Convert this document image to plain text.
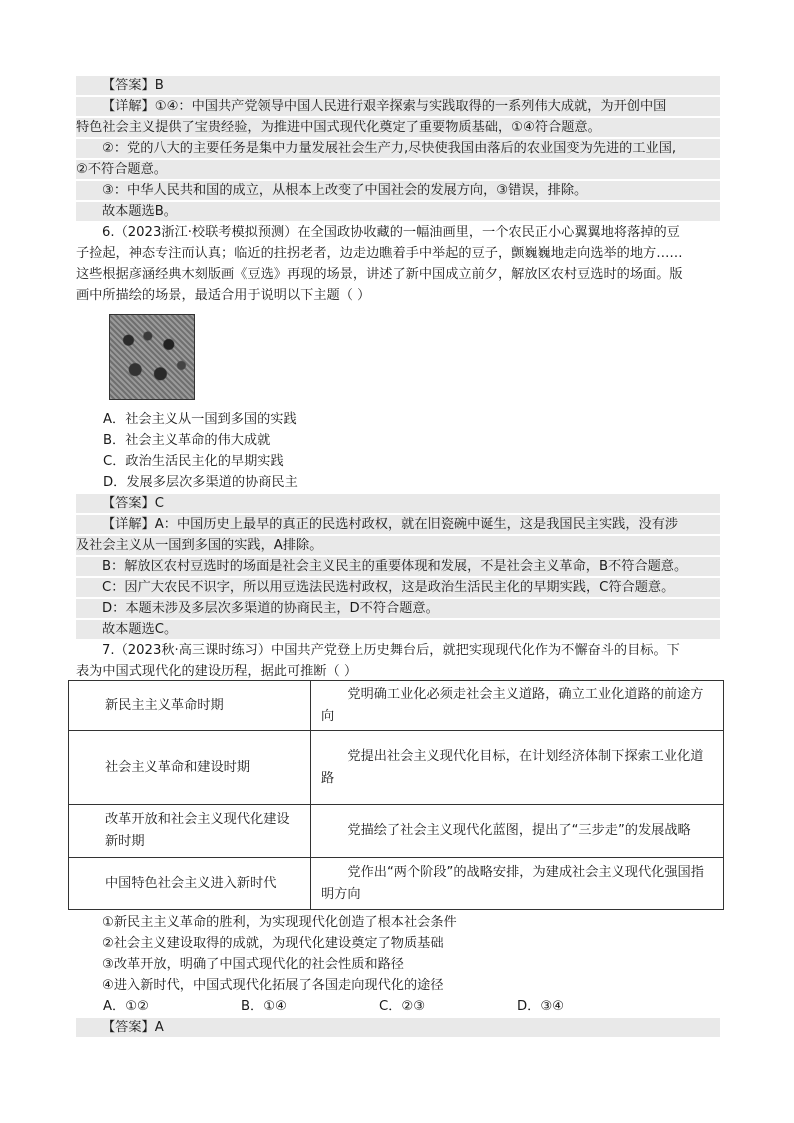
【答案】B
【详解】①④：中国共产党领导中国人民进行艰辛探索与实践取得的一系列伟大成就，为开创中国
特色社会主义提供了宝贵经验，为推进中国式现代化奠定了重要物质基础，①④符合题意。
②：党的八大的主要任务是集中力量发展社会生产力,尽快使我国由落后的农业国变为先进的工业国,
②不符合题意。
③：中华人民共和国的成立，从根本上改变了中国社会的发展方向，③错误，排除。
故本题选B。
6.（2023浙江·校联考模拟预测）在全国政协收藏的一幅油画里，一个农民正小心翼翼地将落掉的豆
子捡起，神态专注而认真；临近的拄拐老者，边走边瞧着手中举起的豆子，颤巍巍地走向选举的地方……
这些根据彦涵经典木刻版画《豆选》再现的场景，讲述了新中国成立前夕，解放区农村豆选时的场面。版
画中所描绘的场景，最适合用于说明以下主题（ ）
A．社会主义从一国到多国的实践
B．社会主义革命的伟大成就
C．政治生活民主化的早期实践
D．发展多层次多渠道的协商民主
【答案】C
【详解】A：中国历史上最早的真正的民选村政权，就在旧瓷碗中诞生，这是我国民主实践，没有涉
及社会主义从一国到多国的实践，A排除。
B：解放区农村豆选时的场面是社会主义民主的重要体现和发展，不是社会主义革命，B不符合题意。
C：因广大农民不识字，所以用豆选法民选村政权，这是政治生活民主化的早期实践，C符合题意。
D：本题未涉及多层次多渠道的协商民主，D不符合题意。
故本题选C。
7.（2023秋·高三课时练习）中国共产党登上历史舞台后，就把实现现代化作为不懈奋斗的目标。下
表为中国式现代化的建设历程，据此可推断（ ）
新民主主义革命时期	党明确工业化必须走社会主义道路，确立工业化道路的前途方向

社会主义革命和建设时期	党提出社会主义现代化目标，在计划经济体制下探索工业化道路

改革开放和社会主义现代化建设新时期	党描绘了社会主义现代化蓝图，提出了“三步走”的发展战略

中国特色社会主义进入新时代	党作出“两个阶段”的战略安排，为建成社会主义现代化强国指明方向
①新民主主义革命的胜利，为实现现代化创造了根本社会条件
②社会主义建设取得的成就，为现代化建设奠定了物质基础
③改革开放，明确了中国式现代化的社会性质和路径
④进入新时代，中国式现代化拓展了各国走向现代化的途径
A．①②	B．①④	C．②③	D．③④
【答案】A
